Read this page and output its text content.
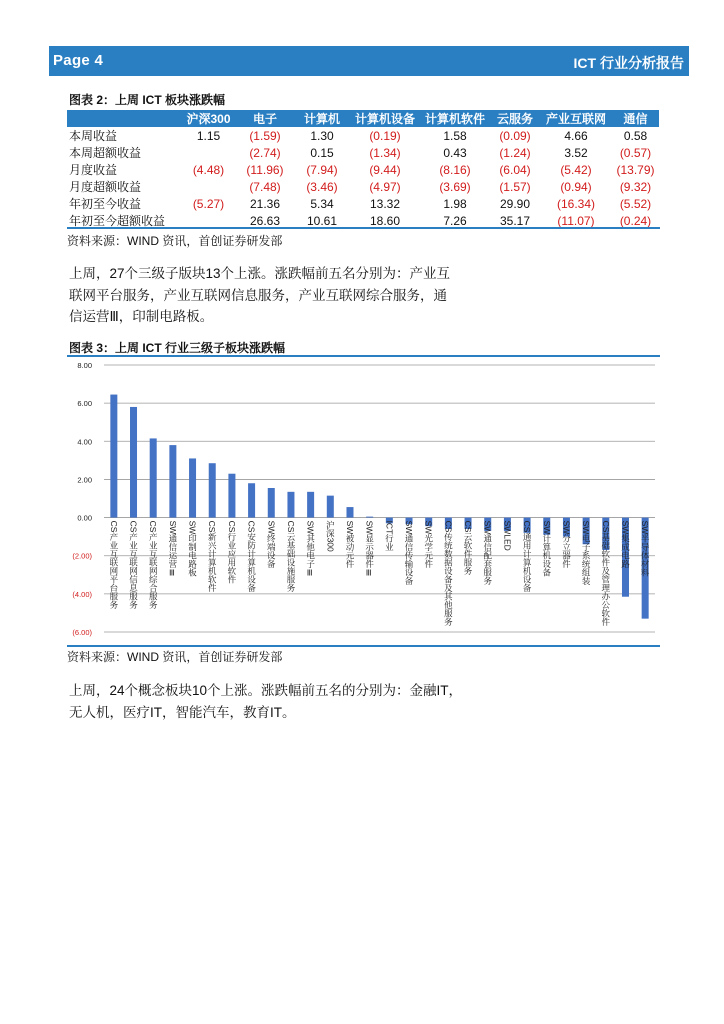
Page 4	ICT 行业分析报告
图表 2：上周 ICT 板块涨跌幅
	沪深300	电子	计算机	计算机设备	计算机软件	云服务	产业互联网	通信
本周收益	1.15	(1.59)	1.30	(0.19)	1.58	(0.09)	4.66	0.58
本周超额收益		(2.74)	0.15	(1.34)	0.43	(1.24)	3.52	(0.57)
月度收益	(4.48)	(11.96)	(7.94)	(9.44)	(8.16)	(6.04)	(5.42)	(13.79)
月度超额收益		(7.48)	(3.46)	(4.97)	(3.69)	(1.57)	(0.94)	(9.32)
年初至今收益	(5.27)	21.36	5.34	13.32	1.98	29.90	(16.34)	(5.52)
年初至今超额收益		26.63	10.61	18.60	7.26	35.17	(11.07)	(0.24)
资料来源：WIND 资讯，首创证券研发部
上周，27个三级子版块13个上涨。涨跌幅前五名分别为：产业互
联网平台服务，产业互联网信息服务，产业互联网综合服务，通
信运营Ⅲ，印制电路板。
图表 3：上周 ICT 行业三级子板块涨跌幅
8.00
6.00
4.00
2.00
0.00
(2.00)
(4.00)
(6.00)
CS产业互联网平台服务 CS产业互联网信息服务 CS产业互联网综合服务 SW通信运营Ⅲ SW印制电路板 CS新兴计算机软件 CS行业应用软件 CS安防计算机设备 SW终端设备 CS云基础设施服务 SW其他电子Ⅲ 沪深300 SW被动元件 SW显示器件Ⅲ ICT行业 SW通信传输设备 SW光学元件 CS传统数据设备及其他服务 CS云软件服务 SW通信配套服务 SWLED CS通用计算机设备 SW计算机设备 SW分立器件 SW电子系统组装 CS基础软件及管理办公软件 SW集成电路 SW半导体材料
资料来源：WIND 资讯，首创证券研发部
上周，24个概念板块10个上涨。涨跌幅前五名的分别为：金融IT，
无人机，医疗IT，智能汽车，教育IT。
